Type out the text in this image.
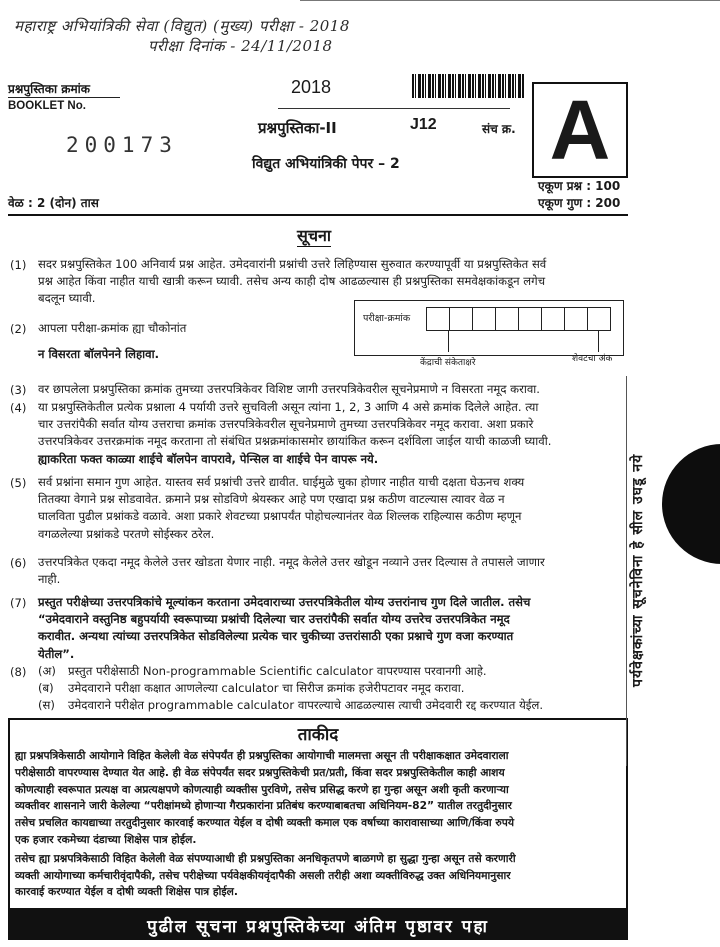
महाराष्ट्र अभियांत्रिकी सेवा (विद्युत) (मुख्य) परीक्षा - 2018
परीक्षा दिनांक - 24/11/2018
प्रश्नपुस्तिका क्रमांक
BOOKLET No.
200173
2018
प्रश्नपुस्तिका-II	J12	संच क्र. A
विद्युत अभियांत्रिकी पेपर – 2
वेळ : 2 (दोन) तास
एकूण प्रश्न : 100
एकूण गुण : 200
सूचना
(1) सदर प्रश्नपुस्तिकेत 100 अनिवार्य प्रश्न आहेत. उमेदवारांनी प्रश्नांची उत्तरे लिहिण्यास सुरुवात करण्यापूर्वी या प्रश्नपुस्तिकेत सर्व
प्रश्न आहेत किंवा नाहीत याची खात्री करून घ्यावी. तसेच अन्य काही दोष आढळल्यास ही प्रश्नपुस्तिका समवेक्षकांकडून लगेच
बदलून घ्यावी.
(2) आपला परीक्षा-क्रमांक ह्या चौकोनांत
न विसरता बॉलपेनने लिहावा.
परीक्षा-क्रमांक
केंद्राची संकेताक्षरे	शेवटचा अंक
(3) वर छापलेला प्रश्नपुस्तिका क्रमांक तुमच्या उत्तरपत्रिकेवर विशिष्ट जागी उत्तरपत्रिकेवरील सूचनेप्रमाणे न विसरता नमूद करावा.
(4) या प्रश्नपुस्तिकेतील प्रत्येक प्रश्नाला 4 पर्यायी उत्तरे सुचविली असून त्यांना 1, 2, 3 आणि 4 असे क्रमांक दिलेले आहेत. त्या
चार उत्तरांपैकी सर्वात योग्य उत्तराचा क्रमांक उत्तरपत्रिकेवरील सूचनेप्रमाणे तुमच्या उत्तरपत्रिकेवर नमूद करावा. अशा प्रकारे
उत्तरपत्रिकेवर उत्तरक्रमांक नमूद करताना तो संबंधित प्रश्नक्रमांकासमोर छायांकित करून दर्शविला जाईल याची काळजी घ्यावी.
ह्याकरिता फक्त काळ्या शाईचे बॉलपेन वापरावे, पेन्सिल वा शाईचे पेन वापरू नये.
(5) सर्व प्रश्नांना समान गुण आहेत. यास्तव सर्व प्रश्नांची उत्तरे द्यावीत. घाईमुळे चुका होणार नाहीत याची दक्षता घेऊनच शक्य
तितक्या वेगाने प्रश्न सोडवावेत. क्रमाने प्रश्न सोडविणे श्रेयस्कर आहे पण एखादा प्रश्न कठीण वाटल्यास त्यावर वेळ न
घालविता पुढील प्रश्नांकडे वळावे. अशा प्रकारे शेवटच्या प्रश्नापर्यंत पोहोचल्यानंतर वेळ शिल्लक राहिल्यास कठीण म्हणून
वगळलेल्या प्रश्नांकडे परतणे सोईस्कर ठरेल.
(6) उत्तरपत्रिकेत एकदा नमूद केलेले उत्तर खोडता येणार नाही. नमूद केलेले उत्तर खोडून नव्याने उत्तर दिल्यास ते तपासले जाणार
नाही.
(7) प्रस्तुत परीक्षेच्या उत्तरपत्रिकांचे मूल्यांकन करताना उमेदवाराच्या उत्तरपत्रिकेतील योग्य उत्तरांनाच गुण दिले जातील. तसेच
“उमेदवाराने वस्तुनिष्ठ बहुपर्यायी स्वरूपाच्या प्रश्नांची दिलेल्या चार उत्तरांपैकी सर्वात योग्य उत्तरेच उत्तरपत्रिकेत नमूद
करावीत. अन्यथा त्यांच्या उत्तरपत्रिकेत सोडविलेल्या प्रत्येक चार चुकीच्या उत्तरांसाठी एका प्रश्नाचे गुण वजा करण्यात
येतील”.
(8) (अ)	प्रस्तुत परीक्षेसाठी Non-programmable Scientific calculator वापरण्यास परवानगी आहे.
(ब)	उमेदवाराने परीक्षा कक्षात आणलेल्या calculator चा सिरीज क्रमांक हजेरीपटावर नमूद करावा.
(स)	उमेदवाराने परीक्षेत programmable calculator वापरल्याचे आढळल्यास त्याची उमेदवारी रद्द करण्यात येईल.
ताकीद
ह्या प्रश्नपत्रिकेसाठी आयोगाने विहित केलेली वेळ संपेपर्यंत ही प्रश्नपुस्तिका आयोगाची मालमत्ता असून ती परीक्षाकक्षात उमेदवाराला
परीक्षेसाठी वापरण्यास देण्यात येत आहे. ही वेळ संपेपर्यंत सदर प्रश्नपुस्तिकेची प्रत/प्रती, किंवा सदर प्रश्नपुस्तिकेतील काही आशय
कोणत्याही स्वरूपात प्रत्यक्ष वा अप्रत्यक्षपणे कोणत्याही व्यक्तीस पुरविणे, तसेच प्रसिद्ध करणे हा गुन्हा असून अशी कृती करणाऱ्या
व्यक्तीवर शासनाने जारी केलेल्या “परीक्षांमध्ये होणाऱ्या गैरप्रकारांना प्रतिबंध करण्याबाबतचा अधिनियम-82” यातील तरतुदीनुसार
तसेच प्रचलित कायद्याच्या तरतुदीनुसार कारवाई करण्यात येईल व दोषी व्यक्ती कमाल एक वर्षाच्या कारावासाच्या आणि/किंवा रुपये
एक हजार रकमेच्या दंडाच्या शिक्षेस पात्र होईल.
तसेच ह्या प्रश्नपत्रिकेसाठी विहित केलेली वेळ संपण्याआधी ही प्रश्नपुस्तिका अनधिकृतपणे बाळगणे हा सुद्धा गुन्हा असून तसे करणारी
व्यक्ती आयोगाच्या कर्मचारीवृंदापैकी, तसेच परीक्षेच्या पर्यवेक्षकीयवृंदापैकी असली तरीही अशा व्यक्तीविरुद्ध उक्त अधिनियमानुसार
कारवाई करण्यात येईल व दोषी व्यक्ती शिक्षेस पात्र होईल.
पुढील सूचना प्रश्नपुस्तिकेच्या अंतिम पृष्ठावर पहा
पर्यवेक्षकांच्या सूचनेविना हे सील उघडू नये
